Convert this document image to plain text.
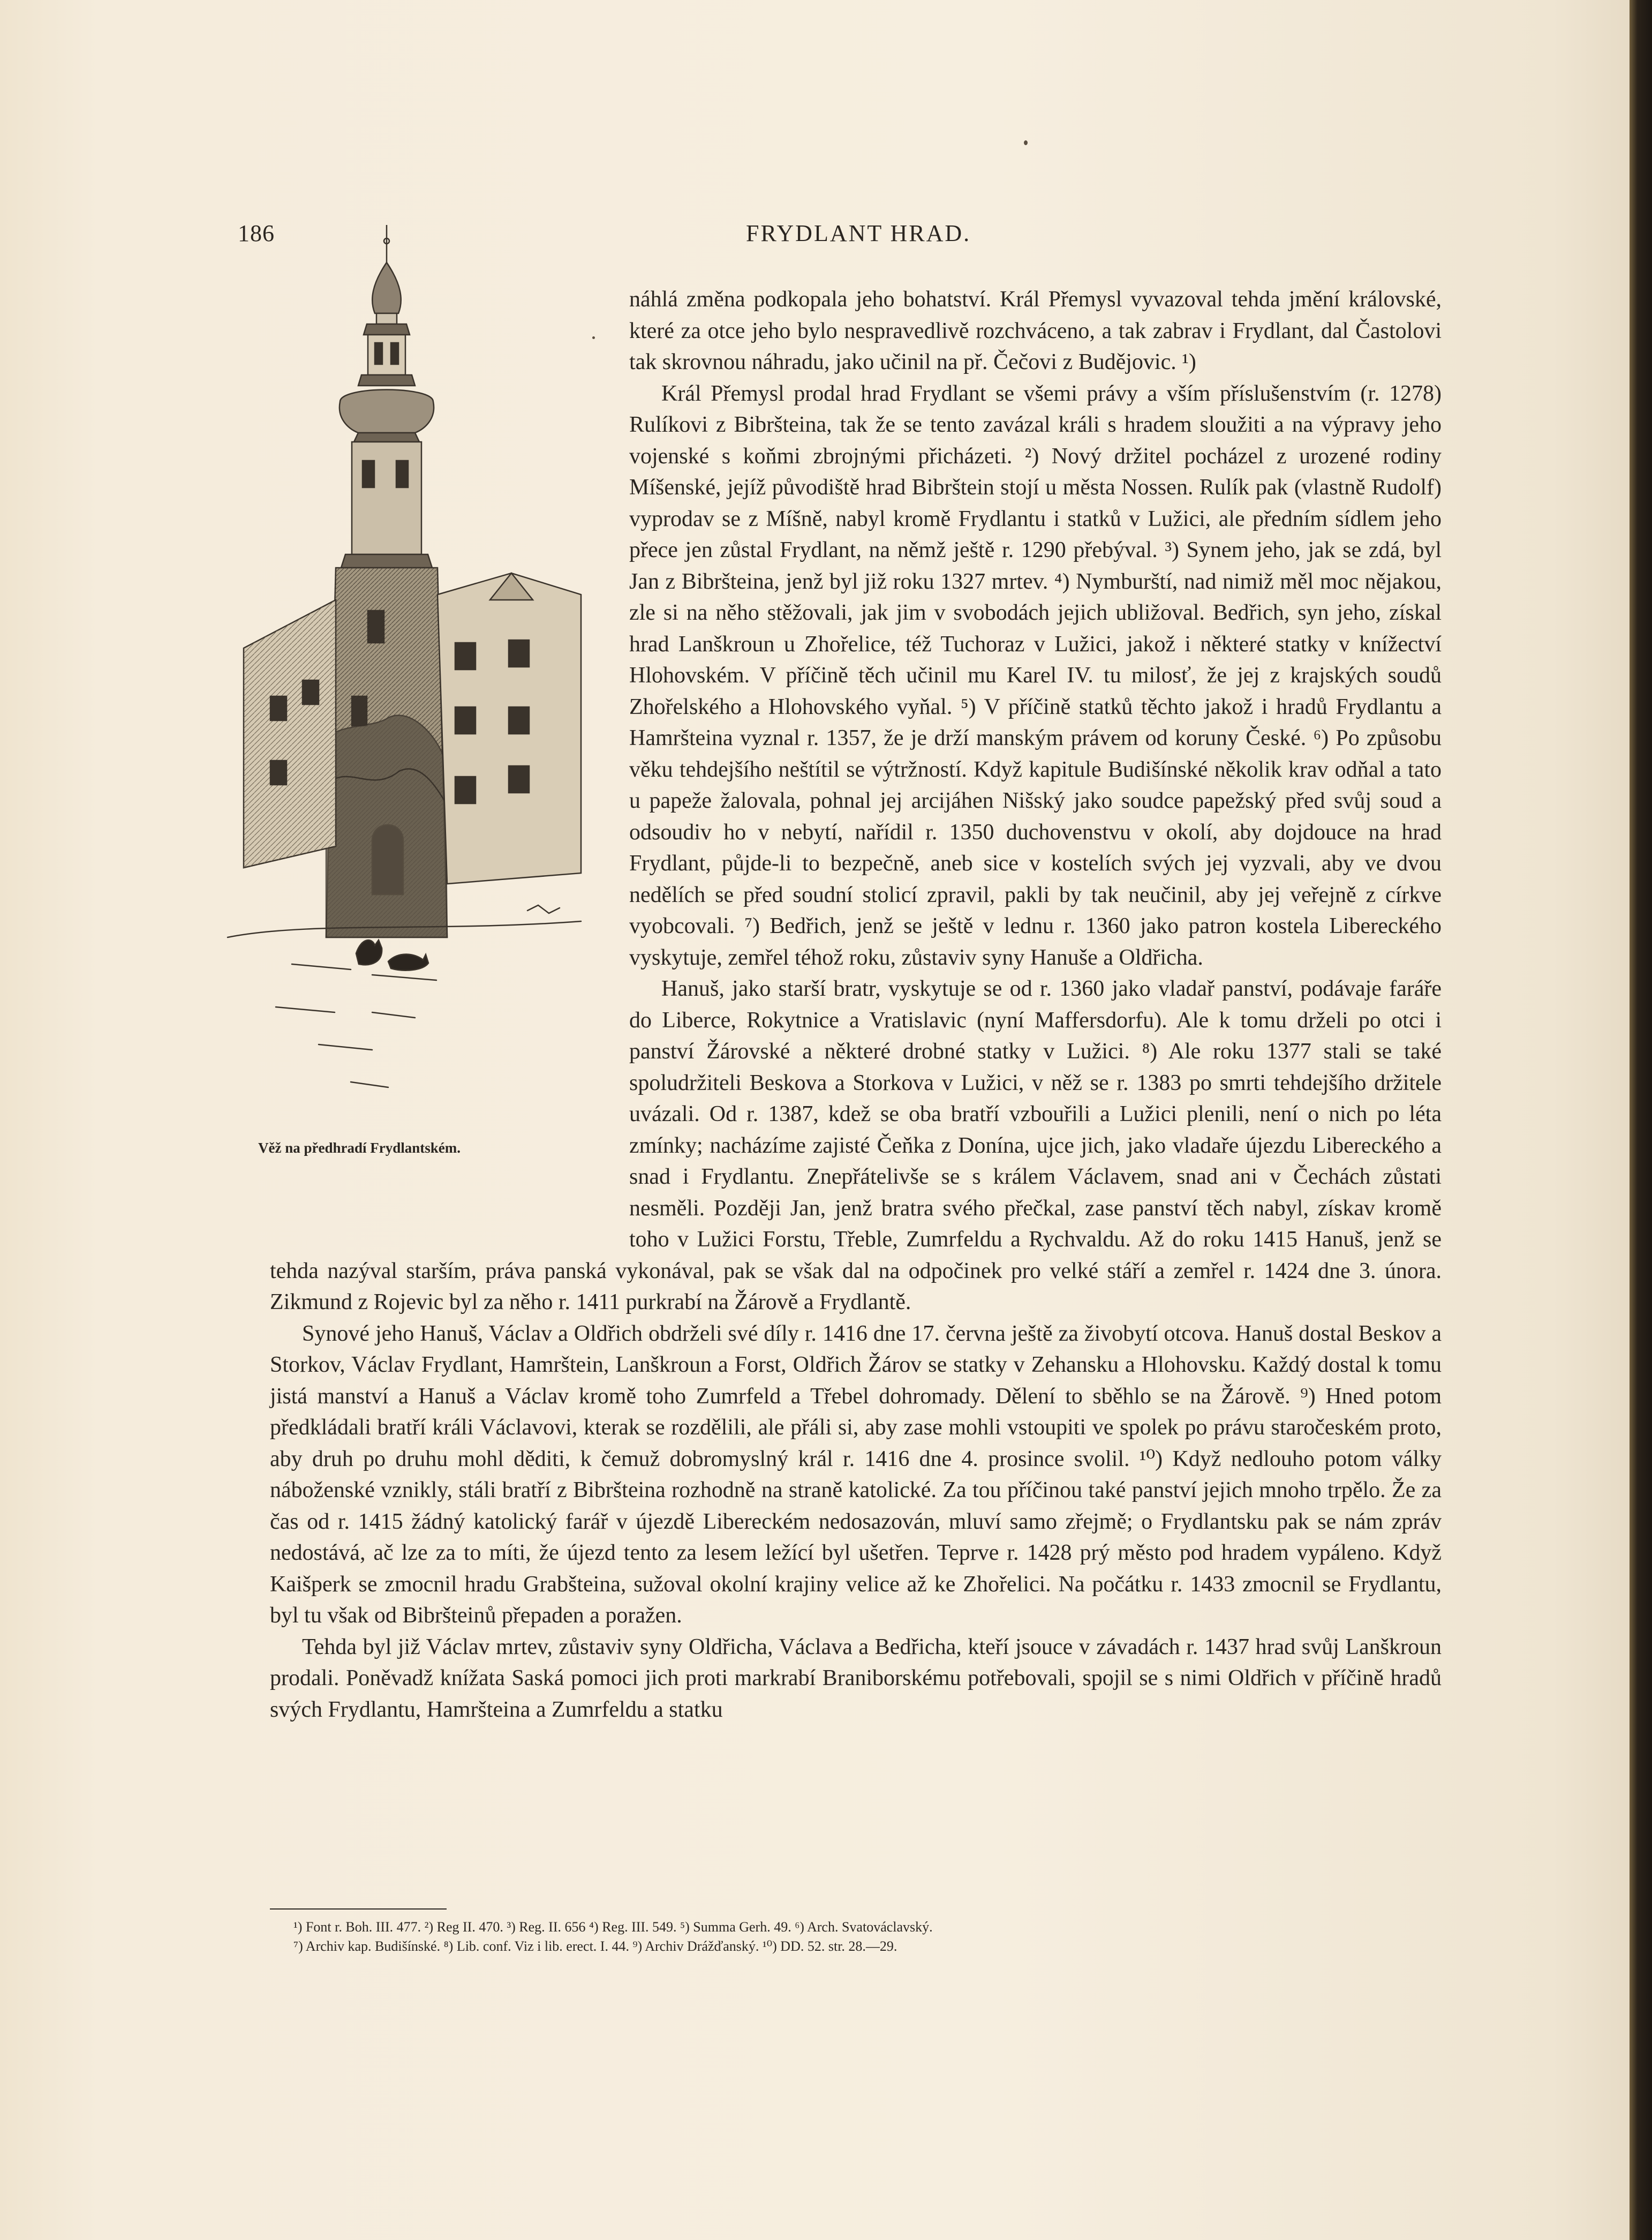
186	FRYDLANT HRAD.
Věž na předhradí Frydlantském.

náhlá změna podkopala jeho bohatství. Král Přemysl vyvazoval tehda jmění královské, které za otce jeho bylo nespravedlivě rozchváceno, a tak zabrav i Frydlant, dal Častolovi tak skrovnou náhradu, jako učinil na př. Čečovi z Budějovic. ¹)

Král Přemysl prodal hrad Frydlant se všemi právy a vším příslušenstvím (r. 1278) Rulíkovi z Bibršteina, tak že se tento zavázal králi s hradem sloužiti a na výpravy jeho vojenské s koňmi zbrojnými přicházeti. ²) Nový držitel pocházel z urozené rodiny Míšenské, jejíž původiště hrad Bibrštein stojí u města Nossen. Rulík pak (vlastně Rudolf) vyprodav se z Míšně, nabyl kromě Frydlantu i statků v Lužici, ale předním sídlem jeho přece jen zůstal Frydlant, na němž ještě r. 1290 přebýval. ³) Synem jeho, jak se zdá, byl Jan z Bibršteina, jenž byl již roku 1327 mrtev. ⁴) Nymburští, nad nimiž měl moc nějakou, zle si na něho stěžovali, jak jim v svobodách jejich ubližoval. Bedřich, syn jeho, získal hrad Lanškroun u Zhořelice, též Tuchoraz v Lužici, jakož i některé statky v knížectví Hlohovském. V příčině těch učinil mu Karel IV. tu milosť, že jej z krajských soudů Zhořelského a Hlohovského vyňal. ⁵) V příčině statků těchto jakož i hradů Frydlantu a Hamršteina vyznal r. 1357, že je drží manským právem od koruny České. ⁶) Po způsobu věku tehdejšího neštítil se výtržností. Když kapitule Budišínské několik krav odňal a tato u papeže žalovala, pohnal jej arcijáhen Nišský jako soudce papežský před svůj soud a odsoudiv ho v nebytí, nařídil r. 1350 duchovenstvu v okolí, aby dojdouce na hrad Frydlant, půjde-li to bezpečně, aneb sice v kostelích svých jej vyzvali, aby ve dvou nedělích se před soudní stolicí zpravil, pakli by tak neučinil, aby jej veřejně z církve vyobcovali. ⁷) Bedřich, jenž se ještě v lednu r. 1360 jako patron kostela Libereckého vyskytuje, zemřel téhož roku, zůstaviv syny Hanuše a Oldřicha.

Hanuš, jako starší bratr, vyskytuje se od r. 1360 jako vladař panství, podávaje faráře do Liberce, Rokytnice a Vratislavic (nyní Maffersdorfu). Ale k tomu drželi po otci i panství Žárovské a některé drobné statky v Lužici. ⁸) Ale roku 1377 stali se také spoludržiteli Beskova a Storkova v Lužici, v něž se r. 1383 po smrti tehdejšího držitele uvázali. Od r. 1387, kdež se oba bratří vzbouřili a Lužici plenili, není o nich po léta zmínky; nacházíme zajisté Čeňka z Donína, ujce jich, jako vladaře újezdu Libereckého a snad i Frydlantu. Znepřátelivše se s králem Václavem, snad ani v Čechách zůstati nesměli. Později Jan, jenž bratra svého přečkal, zase panství těch nabyl, získav kromě toho v Lužici Forstu, Třeble, Zumrfeldu a Rychvaldu. Až do roku 1415 Hanuš, jenž se tehda nazýval starším, práva panská vykonával, pak se však dal na odpočinek pro velké stáří a zemřel r. 1424 dne 3. února. Zikmund z Rojevic byl za něho r. 1411 purkrabí na Žárově a Frydlantě.

Synové jeho Hanuš, Václav a Oldřich obdrželi své díly r. 1416 dne 17. června ještě za živobytí otcova. Hanuš dostal Beskov a Storkov, Václav Frydlant, Hamrštein, Lanškroun a Forst, Oldřich Žárov se statky v Zehansku a Hlohovsku. Každý dostal k tomu jistá manství a Hanuš a Václav kromě toho Zumrfeld a Třebel dohromady. Dělení to sběhlo se na Žárově. ⁹) Hned potom předkládali bratří králi Václavovi, kterak se rozdělili, ale přáli si, aby zase mohli vstoupiti ve spolek po právu staročeském proto, aby druh po druhu mohl děditi, k čemuž dobromyslný král r. 1416 dne 4. prosince svolil. ¹⁰) Když nedlouho potom války náboženské vznikly, stáli bratří z Bibršteina rozhodně na straně katolické. Za tou příčinou také panství jejich mnoho trpělo. Že za čas od r. 1415 žádný katolický farář v újezdě Libereckém nedosazován, mluví samo zřejmě; o Frydlantsku pak se nám zpráv nedostává, ač lze za to míti, že újezd tento za lesem ležící byl ušetřen. Teprve r. 1428 prý město pod hradem vypáleno. Když Kaišperk se zmocnil hradu Grabšteina, sužoval okolní krajiny velice až ke Zhořelici. Na počátku r. 1433 zmocnil se Frydlantu, byl tu však od Bibršteinů přepaden a poražen.

Tehda byl již Václav mrtev, zůstaviv syny Oldřicha, Václava a Bedřicha, kteří jsouce v závadách r. 1437 hrad svůj Lanškroun prodali. Poněvadž knížata Saská pomoci jich proti markrabí Braniborskému potřebovali, spojil se s nimi Oldřich v příčině hradů svých Frydlantu, Hamršteina a Zumrfeldu a statku

¹) Font r. Boh. III. 477. ²) Reg II. 470. ³) Reg. II. 656 ⁴) Reg. III. 549. ⁵) Summa Gerh. 49. ⁶) Arch. Svatováclavský.
⁷) Archiv kap. Budišínské. ⁸) Lib. conf. Viz i lib. erect. I. 44. ⁹) Archiv Drážďanský. ¹⁰) DD. 52. str. 28.—29.
